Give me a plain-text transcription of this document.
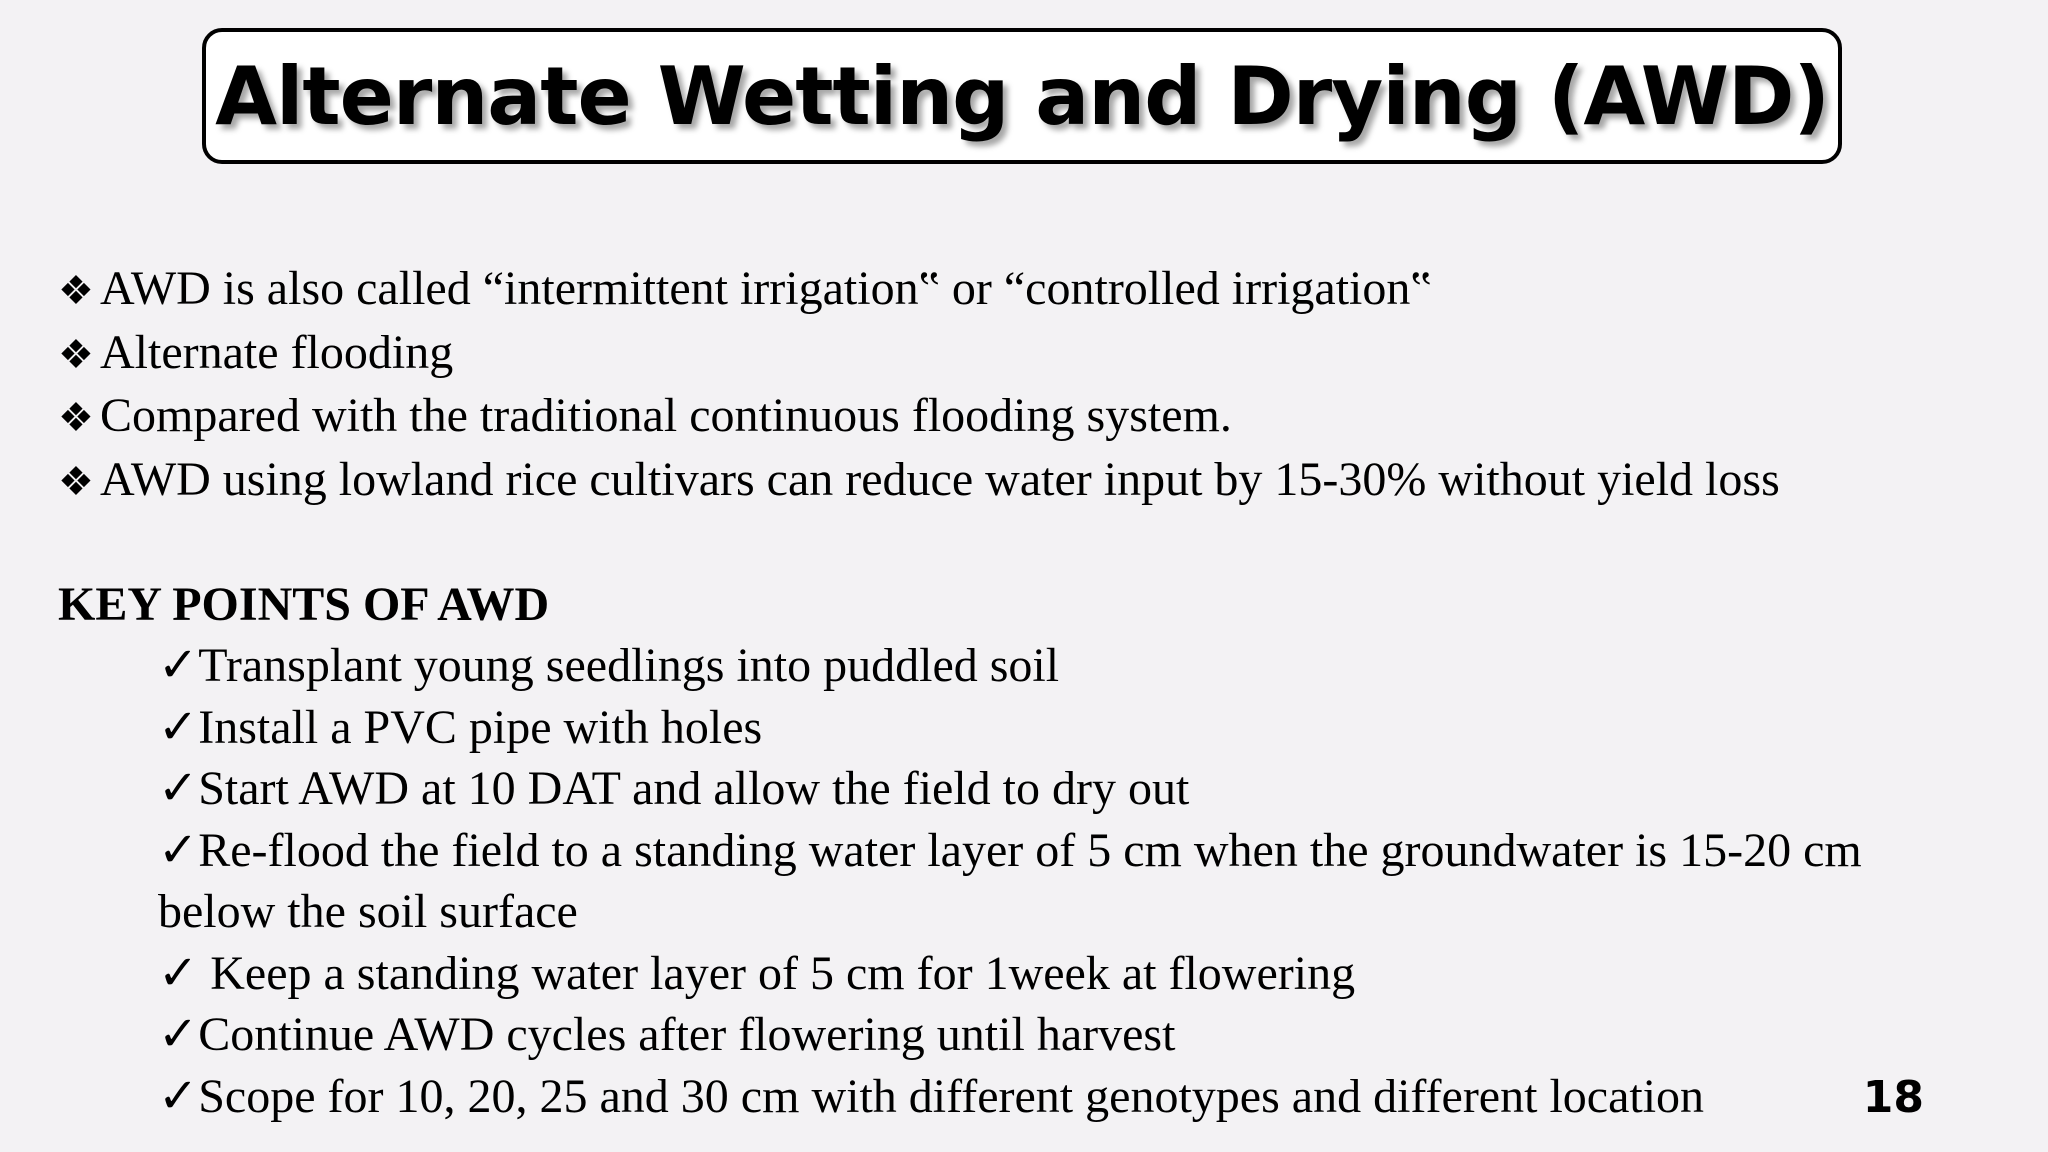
Alternate Wetting and Drying (AWD)
❖ AWD is also called “intermittent irrigation‟ or “controlled irrigation‟
❖ Alternate flooding
❖ Compared with the traditional continuous flooding system.
❖ AWD using lowland rice cultivars can reduce water input by 15-30% without yield loss
KEY POINTS OF AWD
✓Transplant young seedlings into puddled soil
✓Install a PVC pipe with holes
✓Start AWD at 10 DAT and allow the field to dry out
✓Re-flood the field to a standing water layer of 5 cm when the groundwater is 15-20 cm
below the soil surface
✓ Keep a standing water layer of 5 cm for 1week at flowering
✓Continue AWD cycles after flowering until harvest
✓Scope for 10, 20, 25 and 30 cm with different genotypes and different location	18
